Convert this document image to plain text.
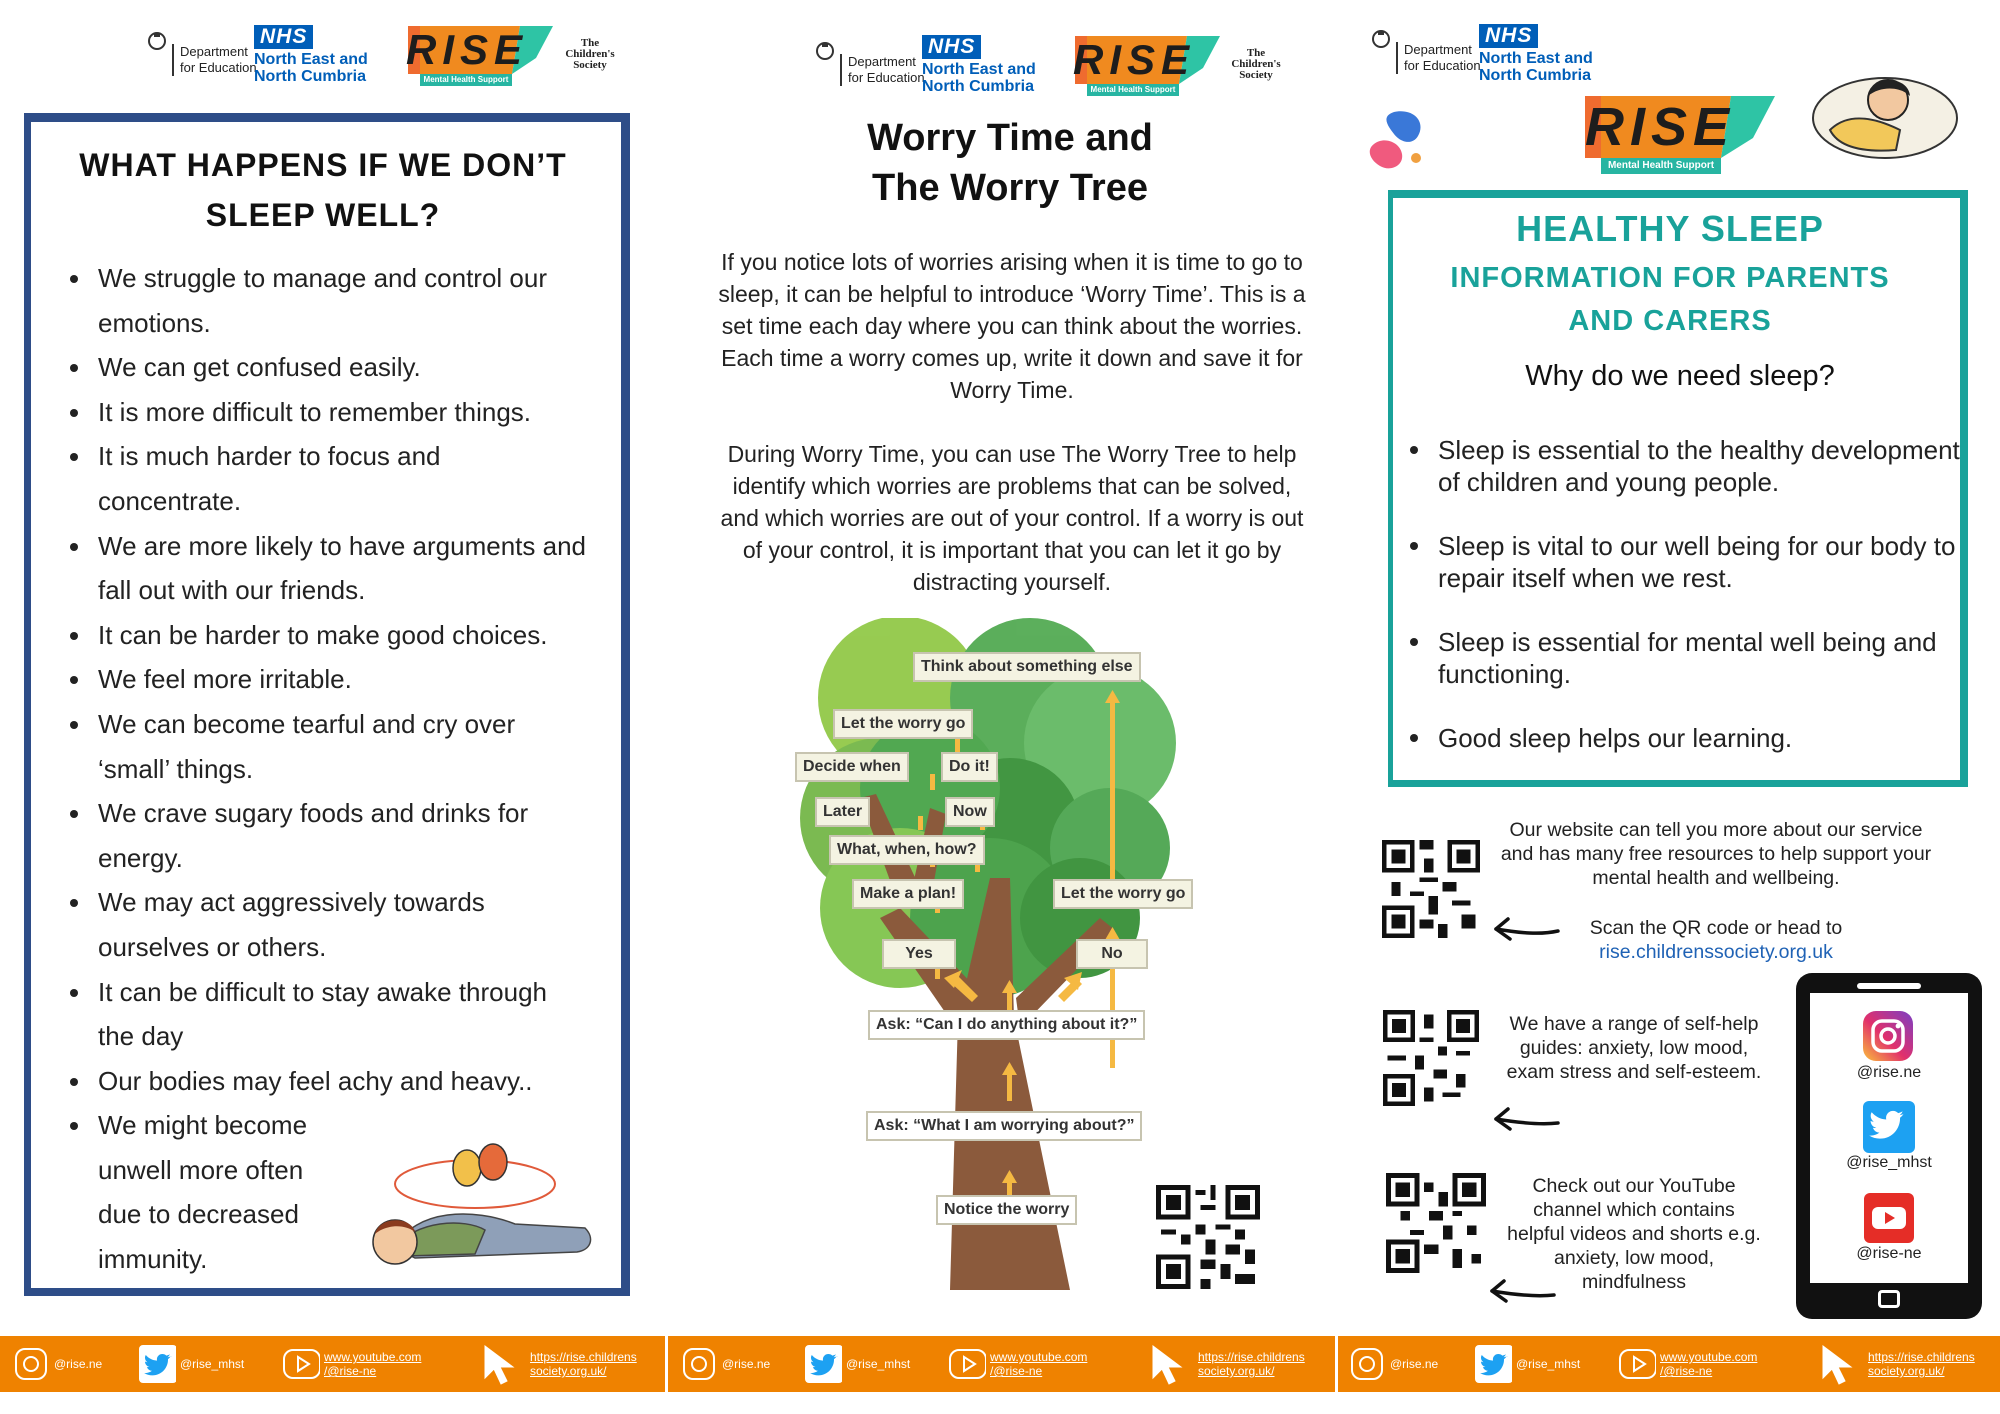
Department for Education
NHS
North East and North Cumbria
RISE
Mental Health Support
The Children's Society	Department for Education
NHS
North East and North Cumbria
RISE
Mental Health Support
The Children's Society
Department for Education
NHS
North East and North Cumbria
RISE
Mental Health Support
WHAT HAPPENS IF WE DON’T SLEEP WELL?
We struggle to manage and control our emotions.
We can get confused easily.
It is more difficult to remember things.
It is much harder to focus and concentrate.
We are more likely to have arguments and fall out with our friends.
It can be harder to make good choices.
We feel more irritable.
We can become tearful and cry over ‘small’ things.
We crave sugary foods and drinks for energy.
We may act aggressively towards ourselves or others.
It can be difficult to stay awake through the day
Our bodies may feel achy and heavy..
We might become unwell more often due to decreased immunity.
Worry Time and
The Worry Tree
If you notice lots of worries arising when it is time to go to sleep, it can be helpful to introduce ‘Worry Time’. This is a set time each day where you can think about the worries. Each time a worry comes up, write it down and save it for Worry Time.
During Worry Time, you can use The Worry Tree to help identify which worries are problems that can be solved, and which worries are out of your control. If a worry is out of your control, it is important that you can let it go by distracting yourself.
Think about something else
Let the worry go
Decide when	Do it!
Later	Now
What, when, how?
Make a plan!	Let the worry go
Yes	No
Ask: “Can I do anything about it?”
Ask: “What I am worrying about?”
Notice the worry
HEALTHY SLEEP
INFORMATION FOR PARENTS
AND CARERS
Why do we need sleep?
Sleep is essential to the healthy development of children and young people.
Sleep is vital to our well being for our body to repair itself when we rest.
Sleep is essential for mental well being and functioning.
Good sleep helps our learning.
Our website can tell you more about our service and has many free resources to help support your mental health and wellbeing.
Scan the QR code or head to
rise.childrenssociety.org.uk
We have a range of self-help guides: anxiety, low mood, exam stress and self-esteem.
Check out our YouTube channel which contains helpful videos and shorts e.g. anxiety, low mood, mindfulness
@rise.ne
@rise_mhst
@rise-ne
@rise.ne	@rise_mhst	www.youtube.com
/@rise-ne
https://rise.childrens
society.org.uk/	@rise.ne	@rise_mhst	www.youtube.com
/@rise-ne
https://rise.childrens
society.org.uk/	@rise.ne	@rise_mhst	www.youtube.com
/@rise-ne
https://rise.childrens
society.org.uk/
